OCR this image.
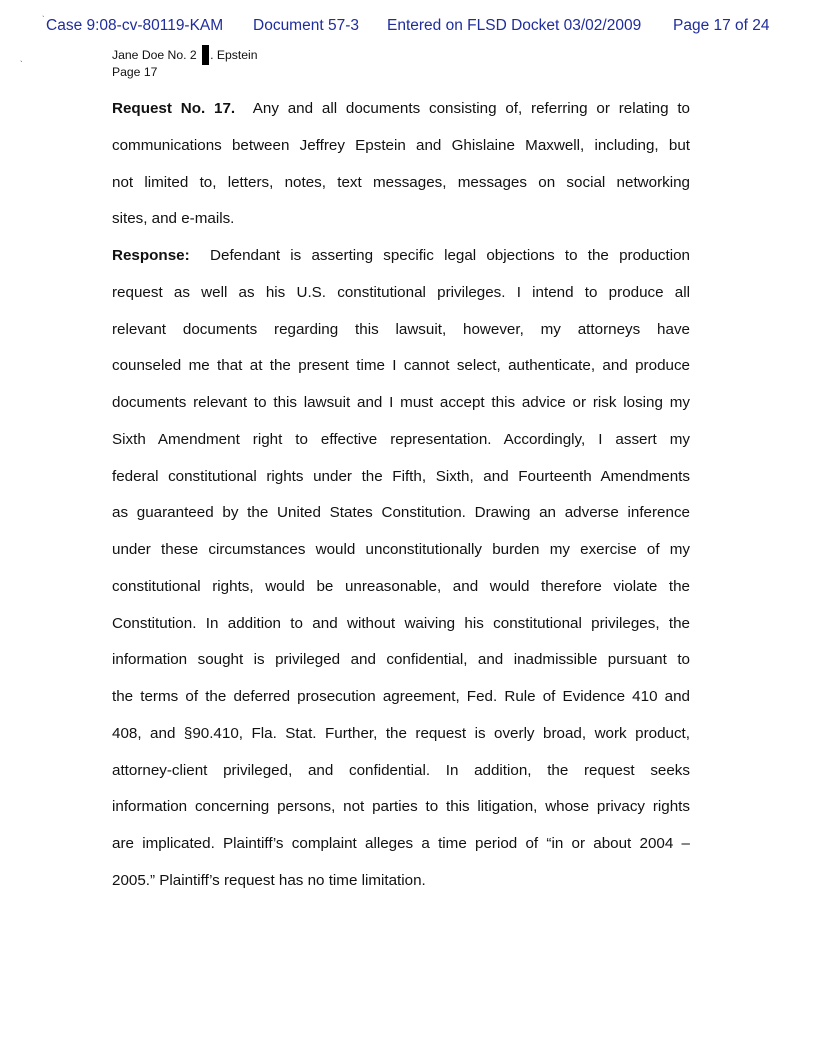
` Case 9:08-cv-80119-KAM Document 57-3 Entered on FLSD Docket 03/02/2009 Page 17 of 24
`
Jane Doe No. 2 . Epstein
Page 17
Request No. 17. Any and all documents consisting of, referring or relating to
communications between Jeffrey Epstein and Ghislaine Maxwell, including, but
not limited to, letters, notes, text messages, messages on social networking
sites, and e-mails.
Response: Defendant is asserting specific legal objections to the production
request as well as his U.S. constitutional privileges. I intend to produce all
relevant documents regarding this lawsuit, however, my attorneys have
counseled me that at the present time I cannot select, authenticate, and produce
documents relevant to this lawsuit and I must accept this advice or risk losing my
Sixth Amendment right to effective representation. Accordingly, I assert my
federal constitutional rights under the Fifth, Sixth, and Fourteenth Amendments
as guaranteed by the United States Constitution. Drawing an adverse inference
under these circumstances would unconstitutionally burden my exercise of my
constitutional rights, would be unreasonable, and would therefore violate the
Constitution. In addition to and without waiving his constitutional privileges, the
information sought is privileged and confidential, and inadmissible pursuant to
the terms of the deferred prosecution agreement, Fed. Rule of Evidence 410 and
408, and §90.410, Fla. Stat. Further, the request is overly broad, work product,
attorney-client privileged, and confidential. In addition, the request seeks
information concerning persons, not parties to this litigation, whose privacy rights
are implicated. Plaintiff’s complaint alleges a time period of “in or about 2004 –
2005.” Plaintiff’s request has no time limitation.
